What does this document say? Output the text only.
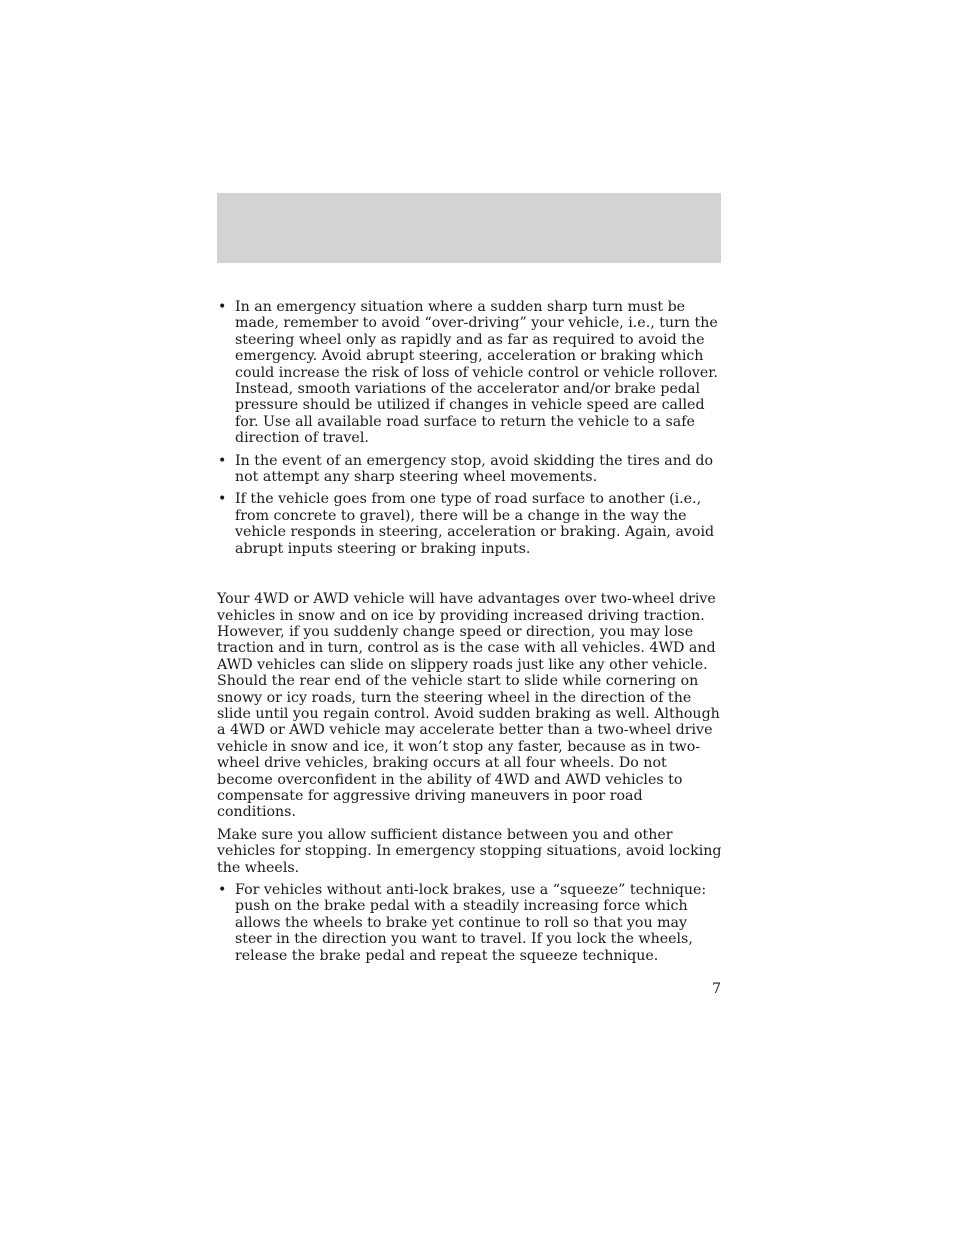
• In an emergency situation where a sudden sharp turn must be made, remember to avoid “over-driving” your vehicle, i.e., turn the steering wheel only as rapidly and as far as required to avoid the emergency. Avoid abrupt steering, acceleration or braking which could increase the risk of loss of vehicle control or vehicle rollover. Instead, smooth variations of the accelerator and/or brake pedal pressure should be utilized if changes in vehicle speed are called for. Use all available road surface to return the vehicle to a safe direction of travel.
• In the event of an emergency stop, avoid skidding the tires and do not attempt any sharp steering wheel movements.
• If the vehicle goes from one type of road surface to another (i.e., from concrete to gravel), there will be a change in the way the vehicle responds in steering, acceleration or braking. Again, avoid abrupt inputs steering or braking inputs.

Your 4WD or AWD vehicle will have advantages over two-wheel drive vehicles in snow and on ice by providing increased driving traction. However, if you suddenly change speed or direction, you may lose traction and in turn, control as is the case with all vehicles. 4WD and AWD vehicles can slide on slippery roads just like any other vehicle. Should the rear end of the vehicle start to slide while cornering on snowy or icy roads, turn the steering wheel in the direction of the slide until you regain control. Avoid sudden braking as well. Although a 4WD or AWD vehicle may accelerate better than a two-wheel drive vehicle in snow and ice, it won’t stop any faster, because as in two-wheel drive vehicles, braking occurs at all four wheels. Do not become overconfident in the ability of 4WD and AWD vehicles to compensate for aggressive driving maneuvers in poor road conditions.

Make sure you allow sufficient distance between you and other vehicles for stopping. In emergency stopping situations, avoid locking the wheels.

• For vehicles without anti-lock brakes, use a “squeeze” technique: push on the brake pedal with a steadily increasing force which allows the wheels to brake yet continue to roll so that you may steer in the direction you want to travel. If you lock the wheels, release the brake pedal and repeat the squeeze technique.
7
